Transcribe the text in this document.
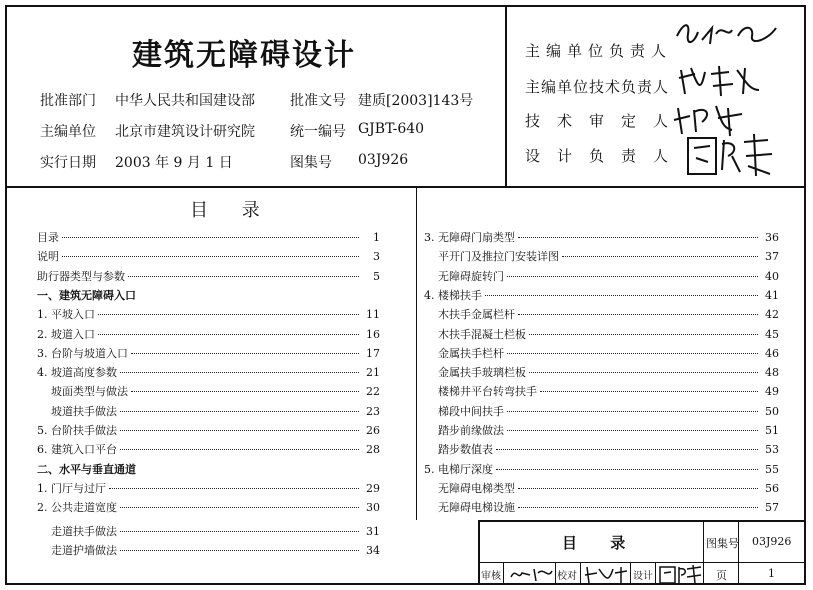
建筑无障碍设计
批准部门 中华人民共和国建设部	批准文号 建质[2003]143号
主编单位 北京市建筑设计研究院	统一编号 GJBT-640
实行日期 2003 年 9 月 1 日	图集号 03J926
主编单位负责人
主编单位技术负责人
技术审定人
设计负责人
目 录
目录	1
说明	3
助行器类型与参数	5
一、建筑无障碍入口
1. 平坡入口	11
2. 坡道入口	16
3. 台阶与坡道入口	17
4. 坡道高度参数	21
坡面类型与做法	22
坡道扶手做法	23
5. 台阶扶手做法	26
6. 建筑入口平台	28
二、水平与垂直通道
1. 门厅与过厅	29
2. 公共走道宽度	30
走道扶手做法	31
走道护墙做法	34
3. 无障碍门扇类型	36
平开门及推拉门安装详图	37
无障碍旋转门	40
4. 楼梯扶手	41
木扶手金属栏杆	42
木扶手混凝土栏板	45
金属扶手栏杆	46
金属扶手玻璃栏板	48
楼梯井平台转弯扶手	49
梯段中间扶手	50
踏步前缘做法	51
踏步数值表	53
5. 电梯厅深度	55
无障碍电梯类型	56
无障碍电梯设施	57
目 录	图集号 03J926
审核	校对	设计	页	1
